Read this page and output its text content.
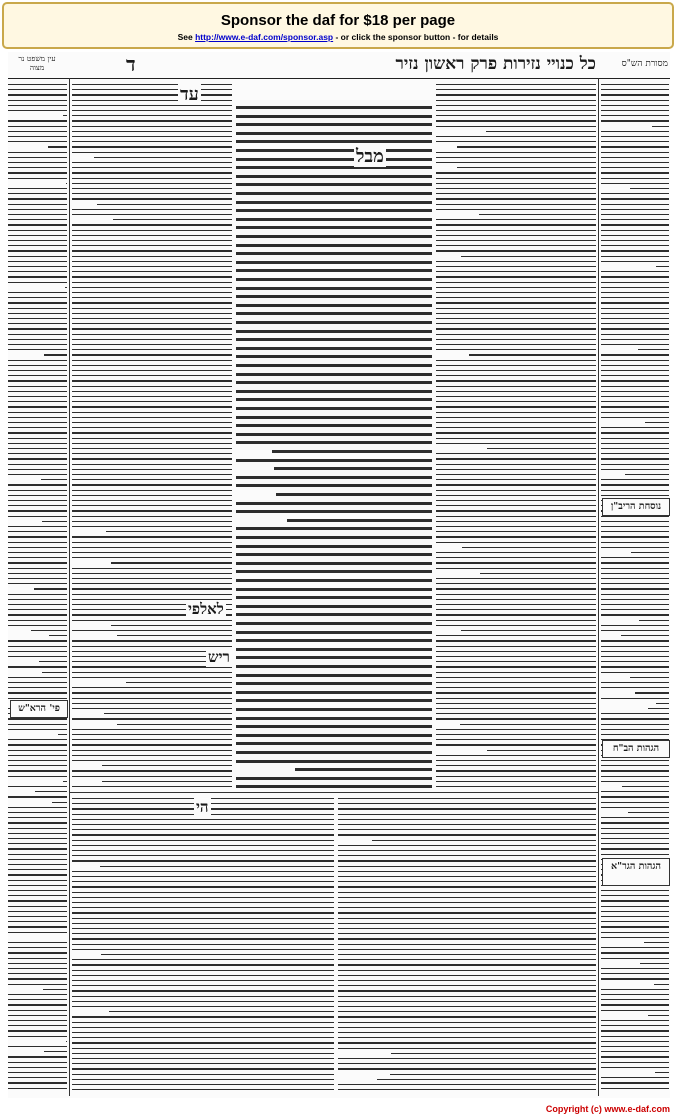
Sponsor the daf for $18 per page
See http://www.e-daf.com/sponsor.asp - or click the sponsor button - for details
עין משפט נר מצוה	ד	כל כנויי נזירות פרק ראשון נזיר	מסורת הש"ס
מבל
עד
לאלפי
ריש
הי
נוסחת הריב"ן
הגהות הב"ח
הגהות הגר"א
פי' הרא"ש
Copyright (c) www.e-daf.com
